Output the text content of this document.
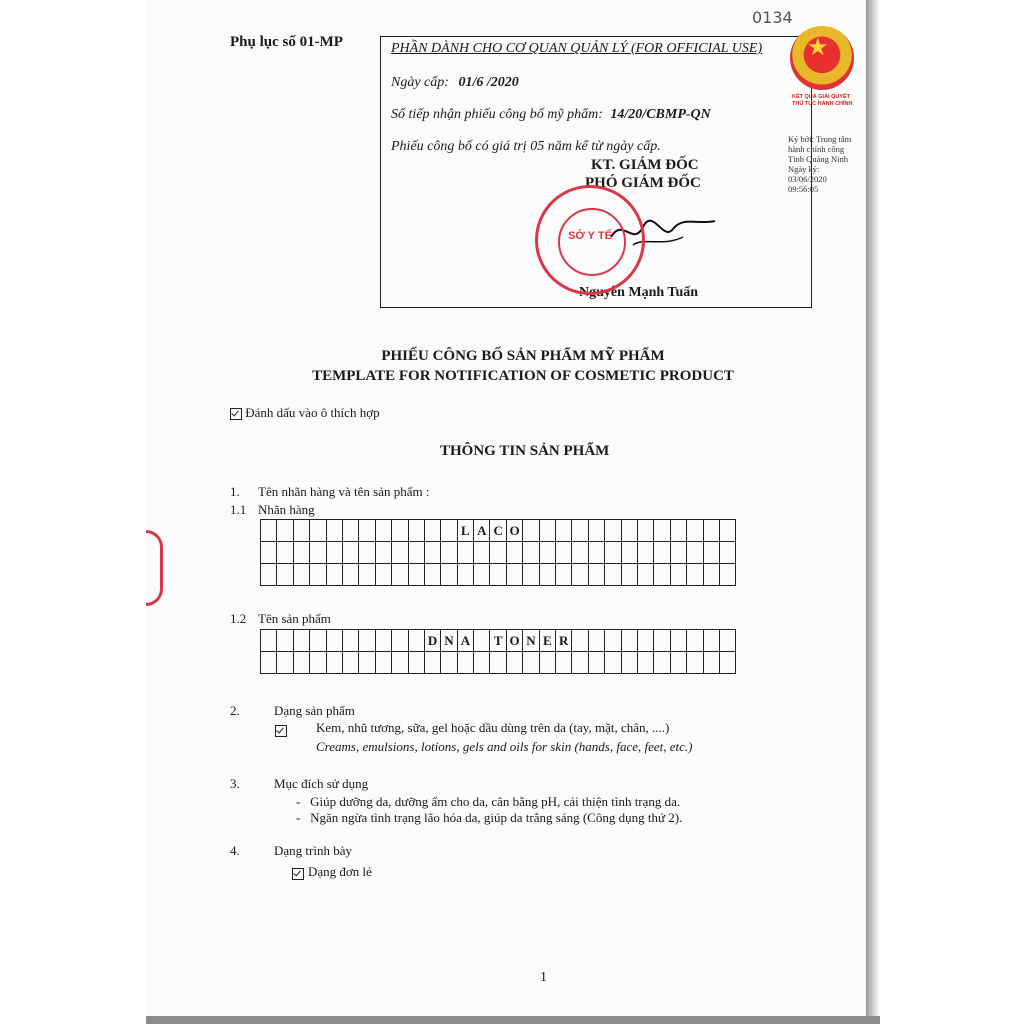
0134
Phụ lục số 01-MP	PHẦN DÀNH CHO CƠ QUAN QUẢN LÝ (FOR OFFICIAL USE)
Ngày cấp: 01/6 /2020
Số tiếp nhận phiếu công bố mỹ phẩm: 14/20/CBMP-QN
Phiếu công bố có giá trị 05 năm kể từ ngày cấp.
KT. GIÁM ĐỐC
PHÓ GIÁM ĐỐC
Nguyễn Mạnh Tuấn
SỞ Y TẾ
★
KẾT QUẢ GIẢI QUYẾT
THỦ TỤC HÀNH CHÍNH
Ký bởi: Trung tâm
hành chính công
Tỉnh Quảng Ninh
Ngày ký:
03/06/2020
09:56:05
PHIẾU CÔNG BỐ SẢN PHẨM MỸ PHẨM
TEMPLATE FOR NOTIFICATION OF COSMETIC PRODUCT
Đánh dấu vào ô thích hợp
THÔNG TIN SẢN PHẨM
1. Tên nhãn hàng và tên sản phẩm :
1.1 Nhãn hàng
L A C O
1.2 Tên sản phẩm
D N A	T O N E R
2.	Dạng sản phẩm

Kem, nhũ tương, sữa, gel hoặc dầu dùng trên da (tay, mặt, chân, ....)
Creams, emulsions, lotions, gels and oils for skin (hands, face, feet, etc.)
3.	Mục đích sử dụng
-   Giúp dưỡng da, dưỡng ẩm cho da, cân bằng pH, cải thiện tình trạng da.
-   Ngăn ngừa tình trạng lão hóa da, giúp da trắng sáng (Công dụng thứ 2).
4.	Dạng trình bày
Dạng đơn lẻ
1
